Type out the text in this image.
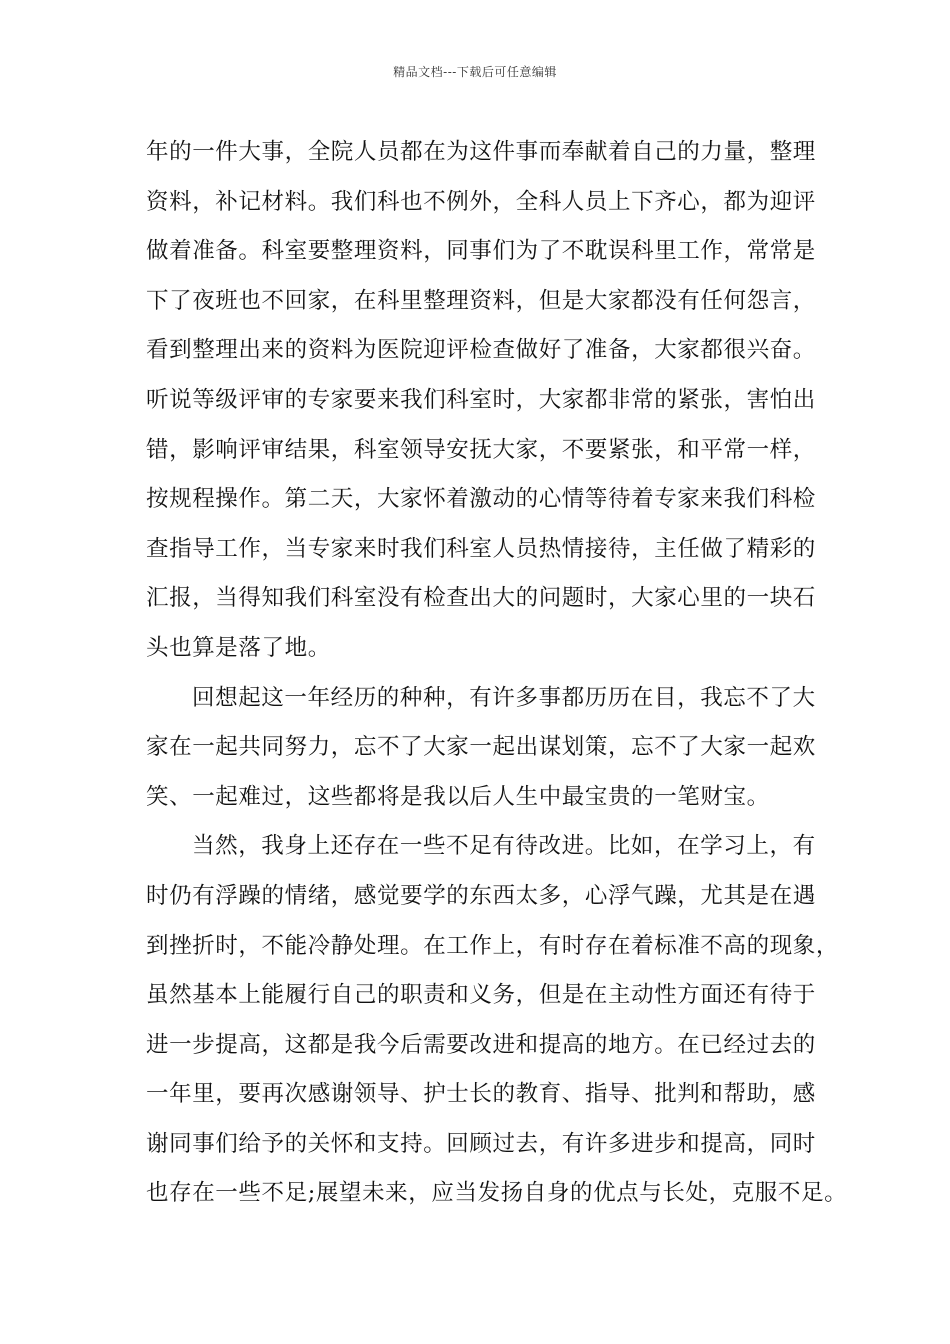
精品文档---下载后可任意编辑
年的一件大事，全院人员都在为这件事而奉献着自己的力量，整理
资料，补记材料。我们科也不例外，全科人员上下齐心，都为迎评
做着准备。科室要整理资料，同事们为了不耽误科里工作，常常是
下了夜班也不回家，在科里整理资料，但是大家都没有任何怨言，
看到整理出来的资料为医院迎评检查做好了准备，大家都很兴奋。
听说等级评审的专家要来我们科室时，大家都非常的紧张，害怕出
错，影响评审结果，科室领导安抚大家，不要紧张，和平常一样，
按规程操作。第二天，大家怀着激动的心情等待着专家来我们科检
查指导工作，当专家来时我们科室人员热情接待，主任做了精彩的
汇报，当得知我们科室没有检查出大的问题时，大家心里的一块石
头也算是落了地。
回想起这一年经历的种种，有许多事都历历在目，我忘不了大
家在一起共同努力，忘不了大家一起出谋划策，忘不了大家一起欢
笑、一起难过，这些都将是我以后人生中最宝贵的一笔财宝。
当然，我身上还存在一些不足有待改进。比如，在学习上，有
时仍有浮躁的情绪，感觉要学的东西太多，心浮气躁，尤其是在遇
到挫折时，不能冷静处理。在工作上，有时存在着标准不高的现象，
虽然基本上能履行自己的职责和义务，但是在主动性方面还有待于
进一步提高，这都是我今后需要改进和提高的地方。在已经过去的
一年里，要再次感谢领导、护士长的教育、指导、批判和帮助，感
谢同事们给予的关怀和支持。回顾过去，有许多进步和提高，同时
也存在一些不足;展望未来，应当发扬自身的优点与长处，克服不足。
